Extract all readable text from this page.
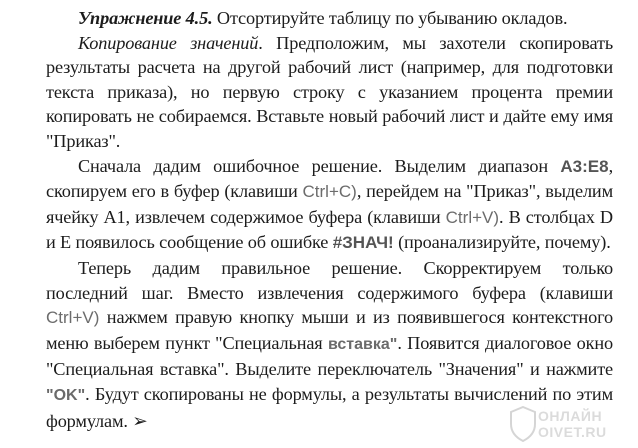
Упражнение 4.5. Отсортируйте таблицу по убыванию окладов.

Копирование значений. Предположим, мы захотели скопировать результаты расчета на другой рабочий лист (например, для подготовки текста приказа), но первую строку с указанием процента премии копировать не собираемся. Вставьте новый рабочий лист и дайте ему имя "Приказ".

Сначала дадим ошибочное решение. Выделим диапазон А3:Е8, скопируем его в буфер (клавиши Ctrl+C), перейдем на "Приказ", выделим ячейку A1, извлечем содержимое буфера (клавиши Ctrl+V). В столбцах D и Е появилось сообщение об ошибке #ЗНАЧ! (проанализируйте, почему).

Теперь дадим правильное решение. Скорректируем только последний шаг. Вместо извлечения содержимого буфера (клавиши Ctrl+V) нажмем правую кнопку мыши и из появившегося контекстного меню выберем пункт "Специальная вставка". Появится диалоговое окно "Специальная вставка". Выделите переключатель "Значения" и нажмите "OK". Будут скопированы не формулы, а результаты вычислений по этим формулам. ➢	ОНЛАЙН
OIVET.RU
